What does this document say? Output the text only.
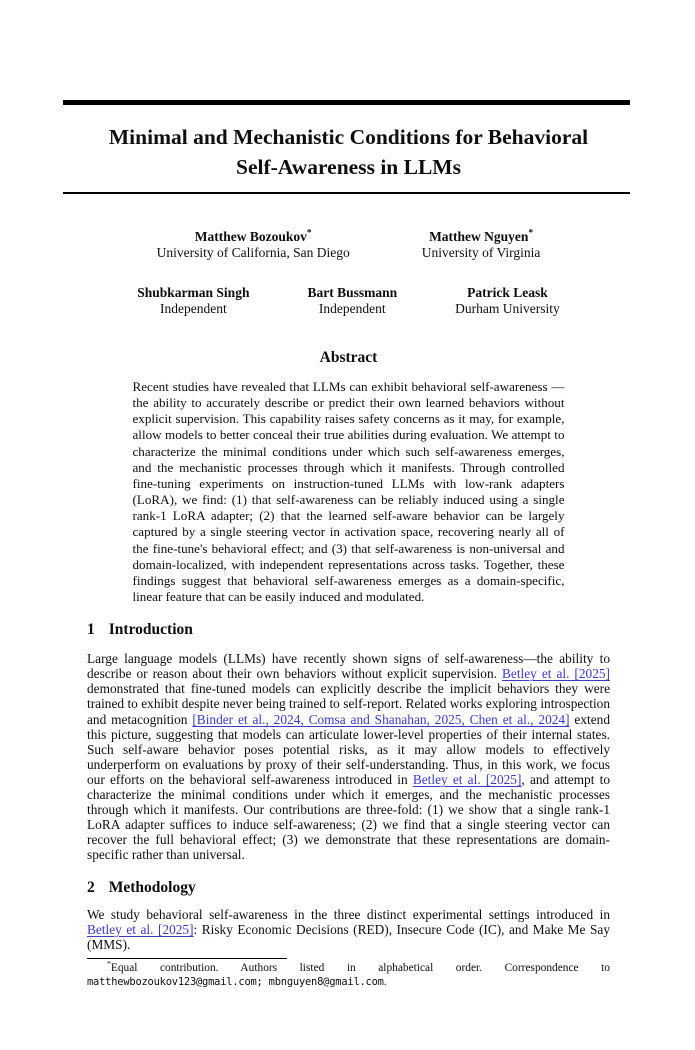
Minimal and Mechanistic Conditions for Behavioral Self-Awareness in LLMs
Matthew Bozoukov*
University of California, San Diego
Matthew Nguyen*
University of Virginia
Shubkarman Singh
Independent
Bart Bussmann
Independent
Patrick Leask
Durham University
Abstract

Recent studies have revealed that LLMs can exhibit behavioral self-awareness — the ability to accurately describe or predict their own learned behaviors without explicit supervision. This capability raises safety concerns as it may, for example, allow models to better conceal their true abilities during evaluation. We attempt to characterize the minimal conditions under which such self-awareness emerges, and the mechanistic processes through which it manifests. Through controlled fine-tuning experiments on instruction-tuned LLMs with low-rank adapters (LoRA), we find: (1) that self-awareness can be reliably induced using a single rank-1 LoRA adapter; (2) that the learned self-aware behavior can be largely captured by a single steering vector in activation space, recovering nearly all of the fine-tune's behavioral effect; and (3) that self-awareness is non-universal and domain-localized, with independent representations across tasks. Together, these findings suggest that behavioral self-awareness emerges as a domain-specific, linear feature that can be easily induced and modulated.

1 Introduction

Large language models (LLMs) have recently shown signs of self-awareness—the ability to describe or reason about their own behaviors without explicit supervision. Betley et al. [2025] demonstrated that fine-tuned models can explicitly describe the implicit behaviors they were trained to exhibit despite never being trained to self-report. Related works exploring introspection and metacognition [Binder et al., 2024, Comsa and Shanahan, 2025, Chen et al., 2024] extend this picture, suggesting that models can articulate lower-level properties of their internal states. Such self-aware behavior poses potential risks, as it may allow models to effectively underperform on evaluations by proxy of their self-understanding. Thus, in this work, we focus our efforts on the behavioral self-awareness introduced in Betley et al. [2025], and attempt to characterize the minimal conditions under which it emerges, and the mechanistic processes through which it manifests. Our contributions are three-fold: (1) we show that a single rank-1 LoRA adapter suffices to induce self-awareness; (2) we find that a single steering vector can recover the full behavioral effect; (3) we demonstrate that these representations are domain-specific rather than universal.

2 Methodology

We study behavioral self-awareness in the three distinct experimental settings introduced in Betley et al. [2025]: Risky Economic Decisions (RED), Insecure Code (IC), and Make Me Say (MMS).

*Equal contribution. Authors listed in alphabetical order. Correspondence to
matthewbozoukov123@gmail.com; mbnguyen8@gmail.com.
